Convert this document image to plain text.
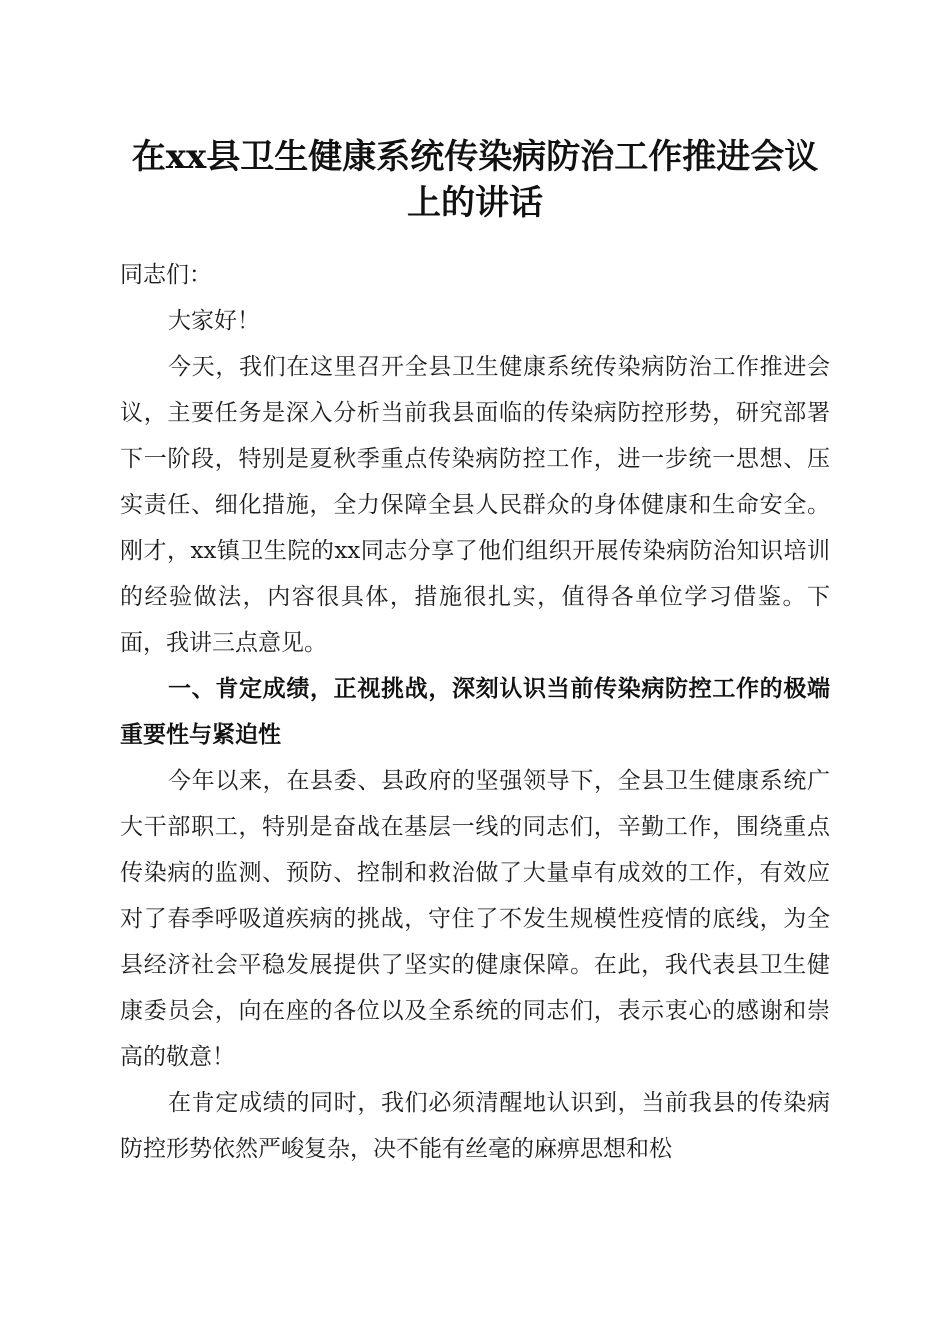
在xx县卫生健康系统传染病防治工作推进会议上的讲话

同志们：

大家好！

今天，我们在这里召开全县卫生健康系统传染病防治工作推进会议，主要任务是深入分析当前我县面临的传染病防控形势，研究部署下一阶段，特别是夏秋季重点传染病防控工作，进一步统一思想、压实责任、细化措施，全力保障全县人民群众的身体健康和生命安全。刚才，xx镇卫生院的xx同志分享了他们组织开展传染病防治知识培训的经验做法，内容很具体，措施很扎实，值得各单位学习借鉴。下面，我讲三点意见。

一、肯定成绩，正视挑战，深刻认识当前传染病防控工作的极端重要性与紧迫性

今年以来，在县委、县政府的坚强领导下，全县卫生健康系统广大干部职工，特别是奋战在基层一线的同志们，辛勤工作，围绕重点传染病的监测、预防、控制和救治做了大量卓有成效的工作，有效应对了春季呼吸道疾病的挑战，守住了不发生规模性疫情的底线，为全县经济社会平稳发展提供了坚实的健康保障。在此，我代表县卫生健康委员会，向在座的各位以及全系统的同志们，表示衷心的感谢和崇高的敬意！

在肯定成绩的同时，我们必须清醒地认识到，当前我县的传染病防控形势依然严峻复杂，决不能有丝毫的麻痹思想和松
